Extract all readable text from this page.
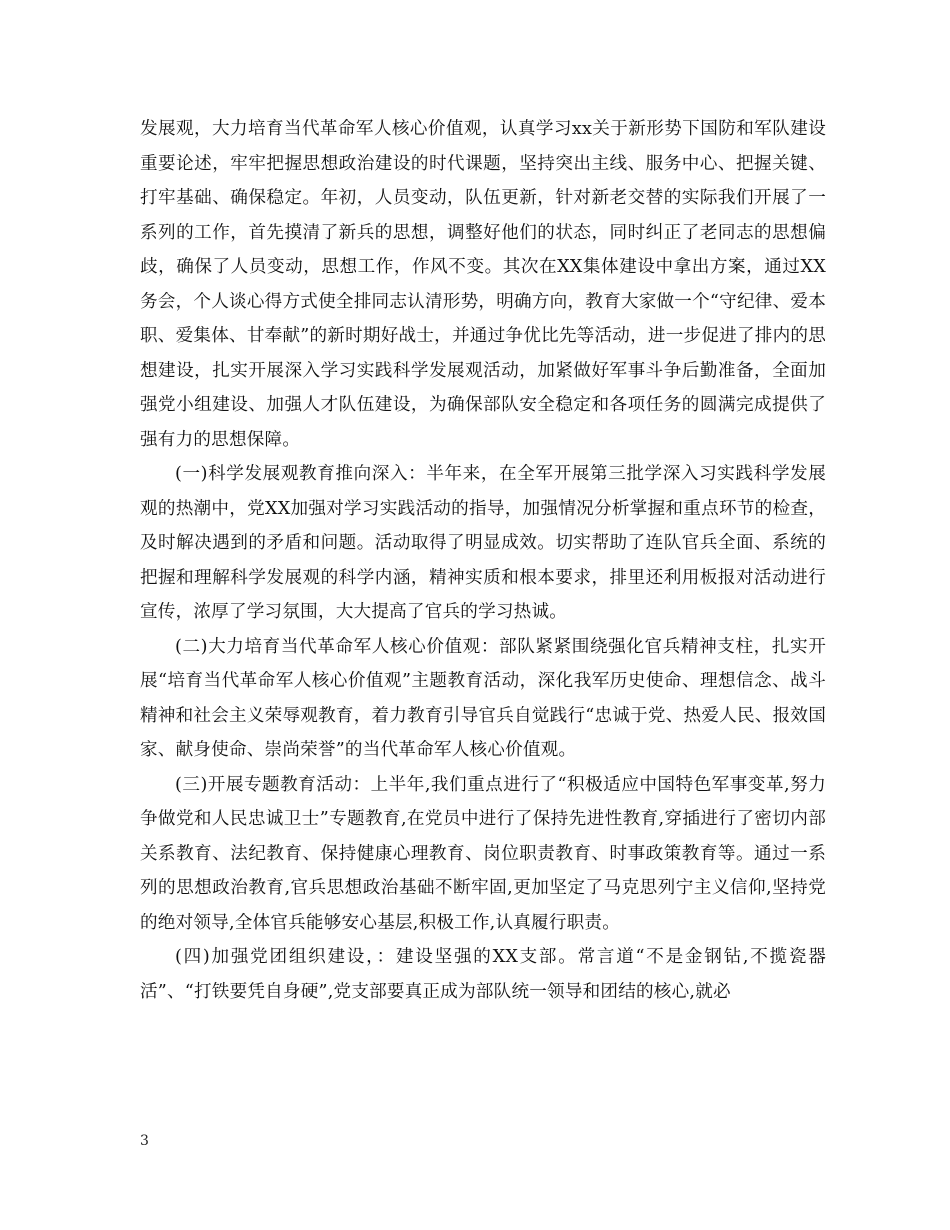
发展观，大力培育当代革命军人核心价值观，认真学习xx关于新形势下国防和军队建设重要论述，牢牢把握思想政治建设的时代课题，坚持突出主线、服务中心、把握关键、打牢基础、确保稳定。年初，人员变动，队伍更新，针对新老交替的实际我们开展了一系列的工作，首先摸清了新兵的思想，调整好他们的状态，同时纠正了老同志的思想偏歧，确保了人员变动，思想工作，作风不变。其次在XX集体建设中拿出方案，通过XX务会，个人谈心得方式使全排同志认清形势，明确方向，教育大家做一个“守纪律、爱本职、爱集体、甘奉献”的新时期好战士，并通过争优比先等活动，进一步促进了排内的思想建设，扎实开展深入学习实践科学发展观活动，加紧做好军事斗争后勤准备，全面加强党小组建设、加强人才队伍建设，为确保部队安全稳定和各项任务的圆满完成提供了强有力的思想保障。

(一)科学发展观教育推向深入：半年来，在全军开展第三批学深入习实践科学发展观的热潮中，党XX加强对学习实践活动的指导，加强情况分析掌握和重点环节的检查，及时解决遇到的矛盾和问题。活动取得了明显成效。切实帮助了连队官兵全面、系统的把握和理解科学发展观的科学内涵，精神实质和根本要求，排里还利用板报对活动进行宣传，浓厚了学习氛围，大大提高了官兵的学习热诚。

(二)大力培育当代革命军人核心价值观：部队紧紧围绕强化官兵精神支柱，扎实开展“培育当代革命军人核心价值观”主题教育活动，深化我军历史使命、理想信念、战斗精神和社会主义荣辱观教育，着力教育引导官兵自觉践行“忠诚于党、热爱人民、报效国家、献身使命、崇尚荣誉”的当代革命军人核心价值观。

(三)开展专题教育活动：上半年,我们重点进行了“积极适应中国特色军事变革,努力争做党和人民忠诚卫士”专题教育,在党员中进行了保持先进性教育,穿插进行了密切内部关系教育、法纪教育、保持健康心理教育、岗位职责教育、时事政策教育等。通过一系列的思想政治教育,官兵思想政治基础不断牢固,更加坚定了马克思列宁主义信仰,坚持党的绝对领导,全体官兵能够安心基层,积极工作,认真履行职责。

(四)加强党团组织建设，：建设坚强的XX支部。常言道“不是金钢钻,不揽瓷器活”、“打铁要凭自身硬”,党支部要真正成为部队统一领导和团结的核心,就必

3
